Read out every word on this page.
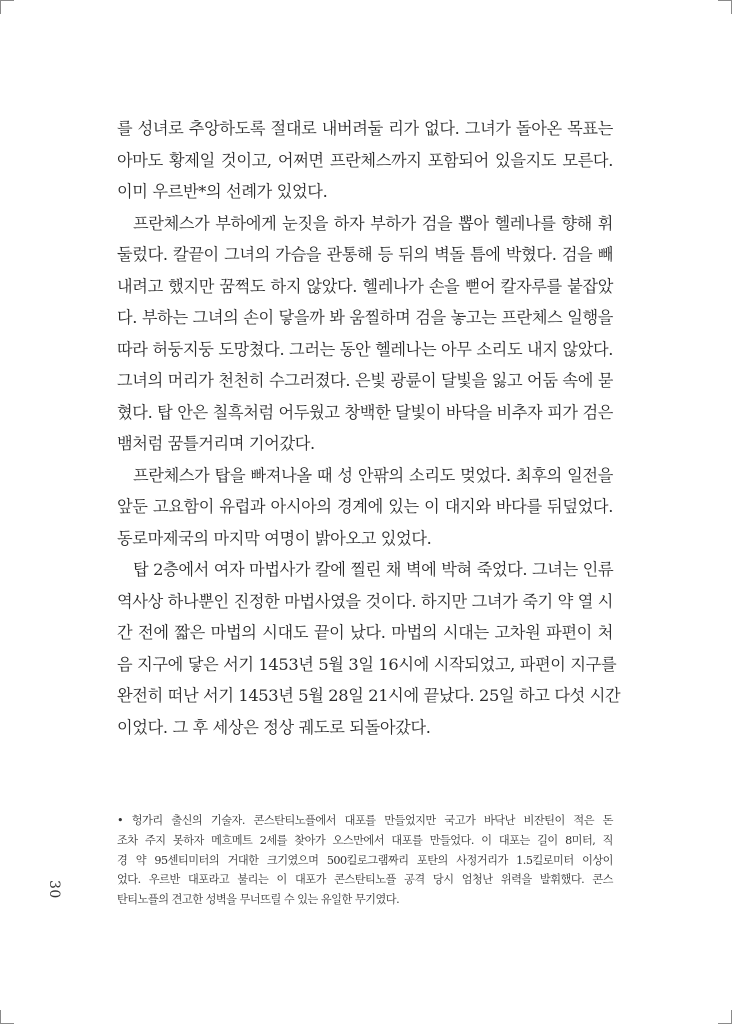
를 성녀로 추앙하도록 절대로 내버려둘 리가 없다. 그녀가 돌아온 목표는
아마도 황제일 것이고, 어쩌면 프란체스까지 포함되어 있을지도 모른다.
이미 우르반*의 선례가 있었다.

프란체스가 부하에게 눈짓을 하자 부하가 검을 뽑아 헬레나를 향해 휘
둘렀다. 칼끝이 그녀의 가슴을 관통해 등 뒤의 벽돌 틈에 박혔다. 검을 빼
내려고 했지만 꿈쩍도 하지 않았다. 헬레나가 손을 뻗어 칼자루를 붙잡았
다. 부하는 그녀의 손이 닿을까 봐 움찔하며 검을 놓고는 프란체스 일행을
따라 허둥지둥 도망쳤다. 그러는 동안 헬레나는 아무 소리도 내지 않았다.
그녀의 머리가 천천히 수그러졌다. 은빛 광륜이 달빛을 잃고 어둠 속에 묻
혔다. 탑 안은 칠흑처럼 어두웠고 창백한 달빛이 바닥을 비추자 피가 검은
뱀처럼 꿈틀거리며 기어갔다.

프란체스가 탑을 빠져나올 때 성 안팎의 소리도 멎었다. 최후의 일전을
앞둔 고요함이 유럽과 아시아의 경계에 있는 이 대지와 바다를 뒤덮었다.
동로마제국의 마지막 여명이 밝아오고 있었다.

탑 2층에서 여자 마법사가 칼에 찔린 채 벽에 박혀 죽었다. 그녀는 인류
역사상 하나뿐인 진정한 마법사였을 것이다. 하지만 그녀가 죽기 약 열 시
간 전에 짧은 마법의 시대도 끝이 났다. 마법의 시대는 고차원 파편이 처
음 지구에 닿은 서기 1453년 5월 3일 16시에 시작되었고, 파편이 지구를
완전히 떠난 서기 1453년 5월 28일 21시에 끝났다. 25일 하고 다섯 시간
이었다. 그 후 세상은 정상 궤도로 되돌아갔다.

• 헝가리 출신의 기술자. 콘스탄티노플에서 대포를 만들었지만 국고가 바닥난 비잔틴이 적은 돈
조차 주지 못하자 메흐메트 2세를 찾아가 오스만에서 대포를 만들었다. 이 대포는 길이 8미터, 직
경 약 95센티미터의 거대한 크기였으며 500킬로그램짜리 포탄의 사정거리가 1.5킬로미터 이상이
었다. 우르반 대포라고 불리는 이 대포가 콘스탄티노플 공격 당시 엄청난 위력을 발휘했다. 콘스
탄티노플의 견고한 성벽을 무너뜨릴 수 있는 유일한 무기였다.
30
